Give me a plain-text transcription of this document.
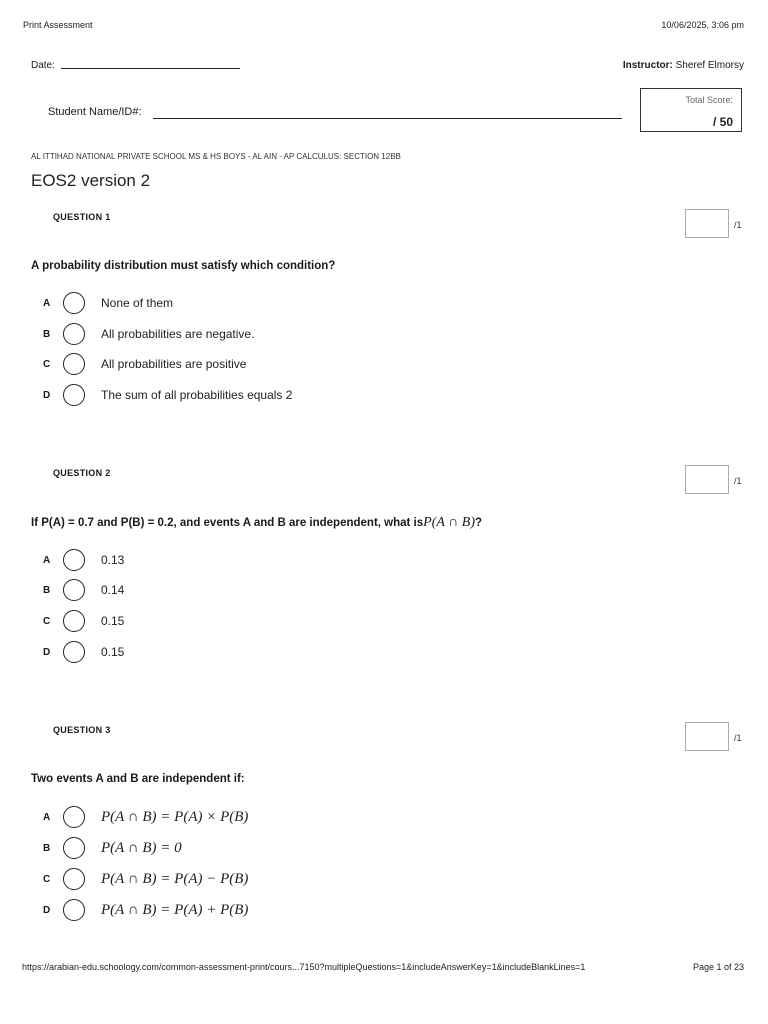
Print Assessment	10/06/2025, 3:06 pm
Date:	Instructor: Sheref Elmorsy
Student Name/ID#:
Total Score:
/ 50
AL ITTIHAD NATIONAL PRIVATE SCHOOL MS & HS BOYS - AL AIN - AP CALCULUS: SECTION 12BB
EOS2 version 2
QUESTION 1
/1
A probability distribution must satisfy which condition?
A	None of them
B	All probabilities are negative.
C	All probabilities are positive
D	The sum of all probabilities equals 2
QUESTION 2
/1
If P(A) = 0.7 and P(B) = 0.2, and events A and B are independent, what isP(A ∩ B)?
A	0.13
B	0.14
C	0.15
D	0.15
QUESTION 3
/1
Two events A and B are independent if:
A	P(A ∩ B) = P(A) × P(B)
B	P(A ∩ B) = 0
C	P(A ∩ B) = P(A) − P(B)
D	P(A ∩ B) = P(A) + P(B)
https://arabian-edu.schoology.com/common-assessment-print/cours...7150?multipleQuestions=1&includeAnswerKey=1&includeBlankLines=1	Page 1 of 23
